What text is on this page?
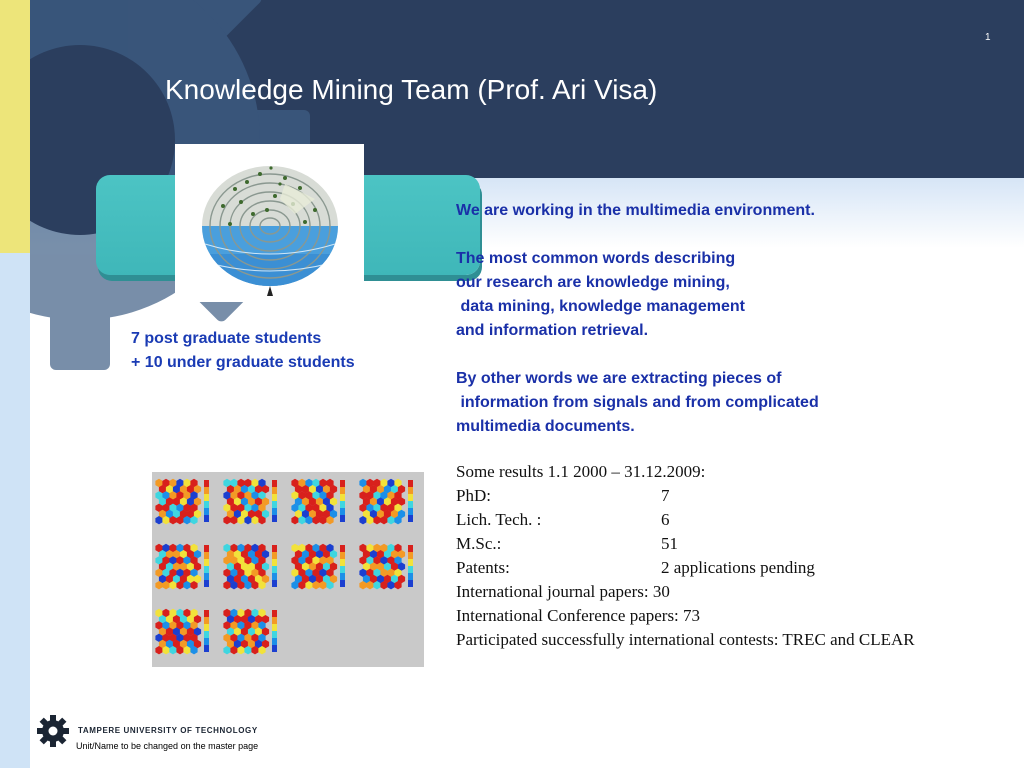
1
Knowledge Mining Team (Prof. Ari Visa)
7 post graduate students
+ 10 under graduate students

We are working in the multimedia environment.

The most common words describing

our research are knowledge mining,

data mining, knowledge management

and information retrieval.

By other words we are extracting pieces of

information from signals and from complicated

multimedia documents.

Some results 1.1 2000 – 31.12.2009:
PhD:	7
Lich. Tech. :	6
M.Sc.:	51
Patents:	2 applications pending
International journal papers: 30
International Conference papers: 73
Participated successfully international contests: TREC and CLEAR
TAMPERE UNIVERSITY OF TECHNOLOGY
Unit/Name to be changed on the master page
